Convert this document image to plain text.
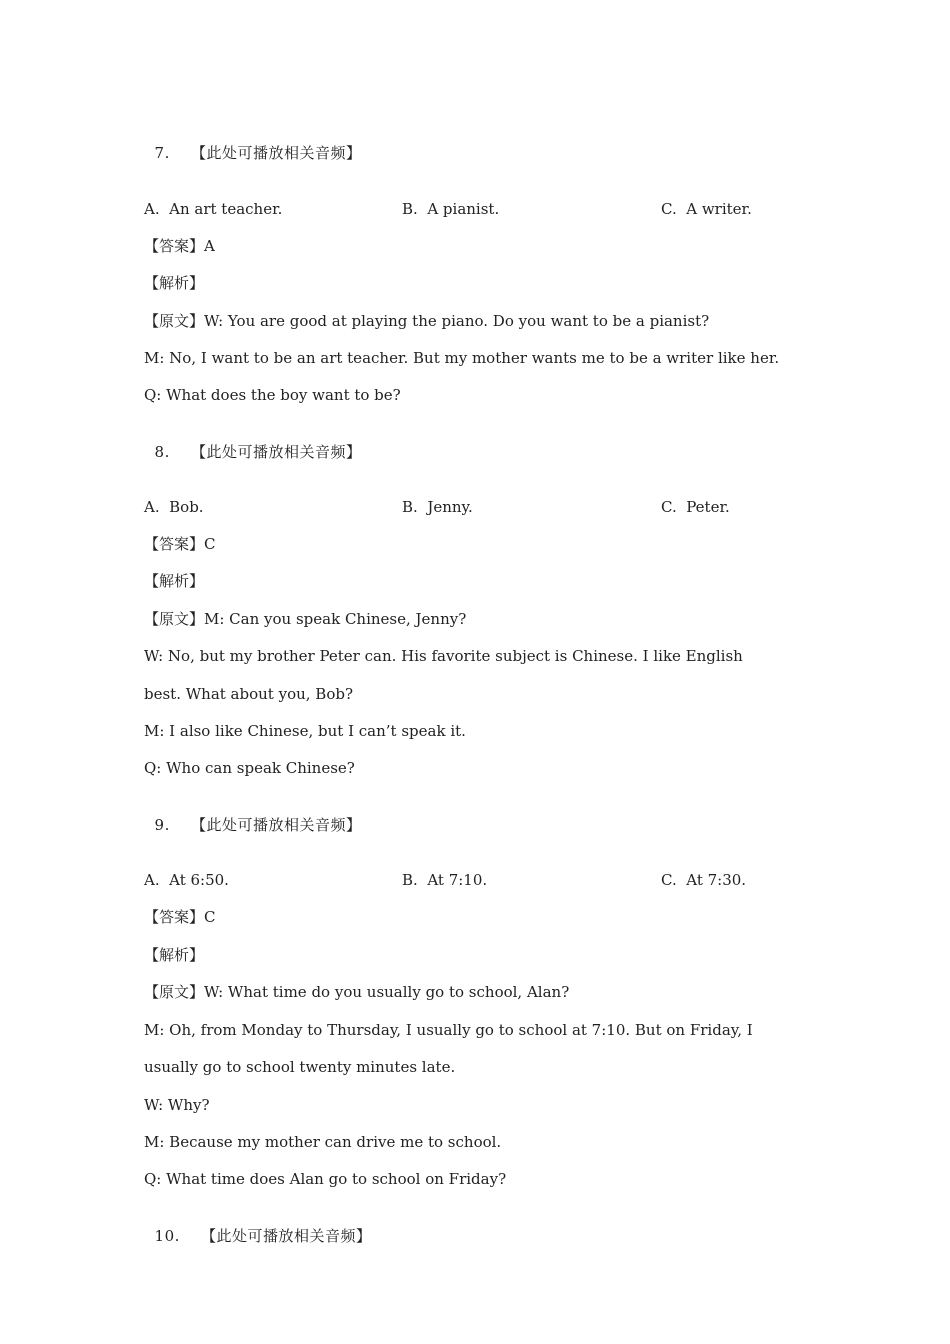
7. 【此处可播放相关音频】

A.  An art teacher.	B.  A pianist.	C.  A writer.
【答案】A
【解析】
【原文】W: You are good at playing the piano. Do you want to be a pianist?
M: No, I want to be an art teacher. But my mother wants me to be a writer like her.
Q: What does the boy want to be?

8. 【此处可播放相关音频】

A.  Bob.	B.  Jenny.	C.  Peter.
【答案】C
【解析】
【原文】M: Can you speak Chinese, Jenny?
W: No, but my brother Peter can. His favorite subject is Chinese. I like English
best. What about you, Bob?
M: I also like Chinese, but I can’t speak it.
Q: Who can speak Chinese?

9. 【此处可播放相关音频】

A.  At 6:50.	B.  At 7:10.	C.  At 7:30.
【答案】C
【解析】
【原文】W: What time do you usually go to school, Alan?
M: Oh, from Monday to Thursday, I usually go to school at 7:10. But on Friday, I
usually go to school twenty minutes late.
W: Why?
M: Because my mother can drive me to school.
Q: What time does Alan go to school on Friday?

10. 【此处可播放相关音频】
